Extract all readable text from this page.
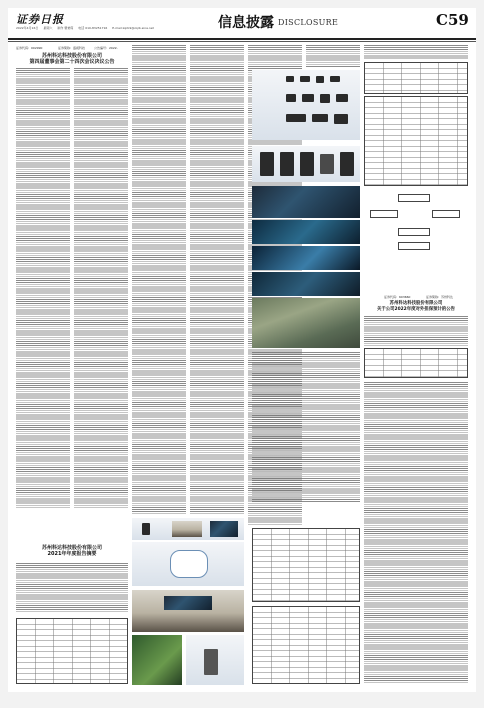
证券日报
2022年4月16日 星期六 制作 曹秉琛 电话 010-83251716 E-mail:zqrb9@zqrb.sina.net	信息披露 DISCLOSURE	C59
证券代码：002990	证券简称：盛视科技	公告编号：2022-
苏州科达科技股份有限公司
第四届董事会第二十四次会议决议公告
苏州科达科技股份有限公司
2021年年度报告摘要
证券代码：603660	证券简称：苏州科达
苏州科达科技股份有限公司
关于公司2022年度对外担保预计的公告
